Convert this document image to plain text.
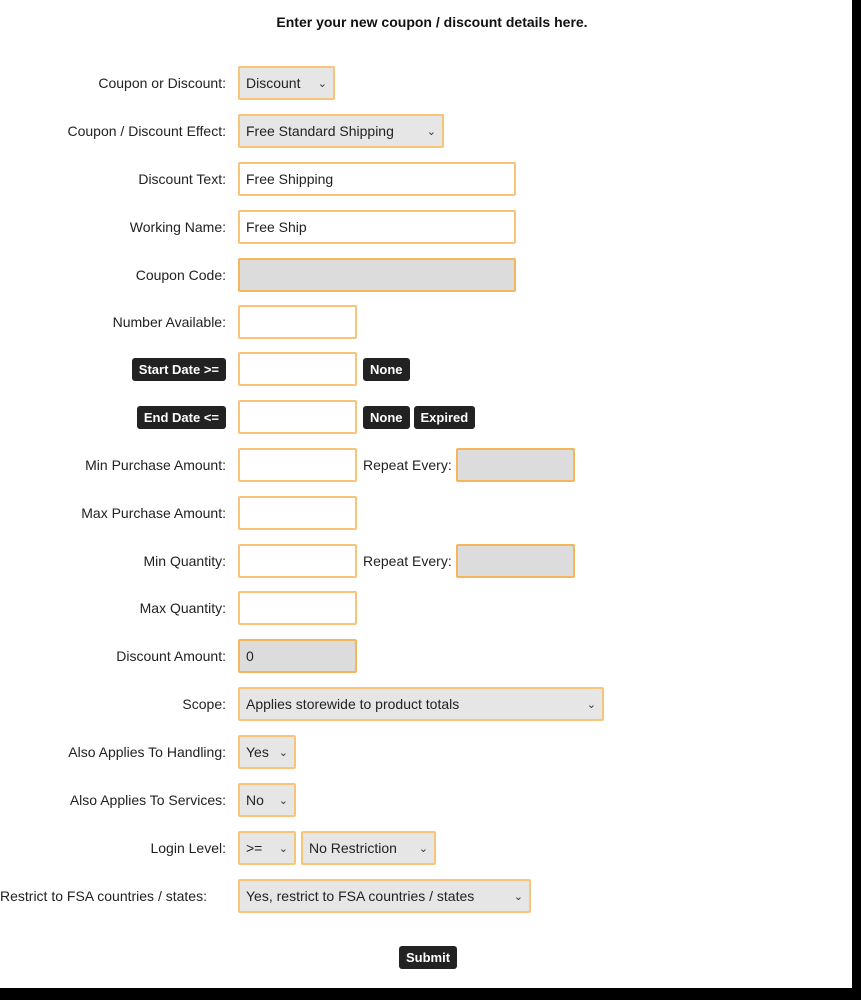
Enter your new coupon / discount details here.
Coupon or Discount: Discount ⌄
Coupon / Discount Effect: Free Standard Shipping	⌄
Discount Text:
Free Shipping
Working Name:
Free Ship
Coupon Code:
Number Available:
Start Date >=	None
End Date <=	None	Expired
Min Purchase Amount:	Repeat Every:
Max Purchase Amount:
Min Quantity:	Repeat Every:
Max Quantity:
Discount Amount:
0
Scope: Applies storewide to product totals	⌄
Also Applies To Handling: Yes ⌄
Also Applies To Services: No ⌄
Login Level: >= ⌄ No Restriction ⌄
Restrict to FSA countries / states:	Yes, restrict to FSA countries / states	⌄
Submit
